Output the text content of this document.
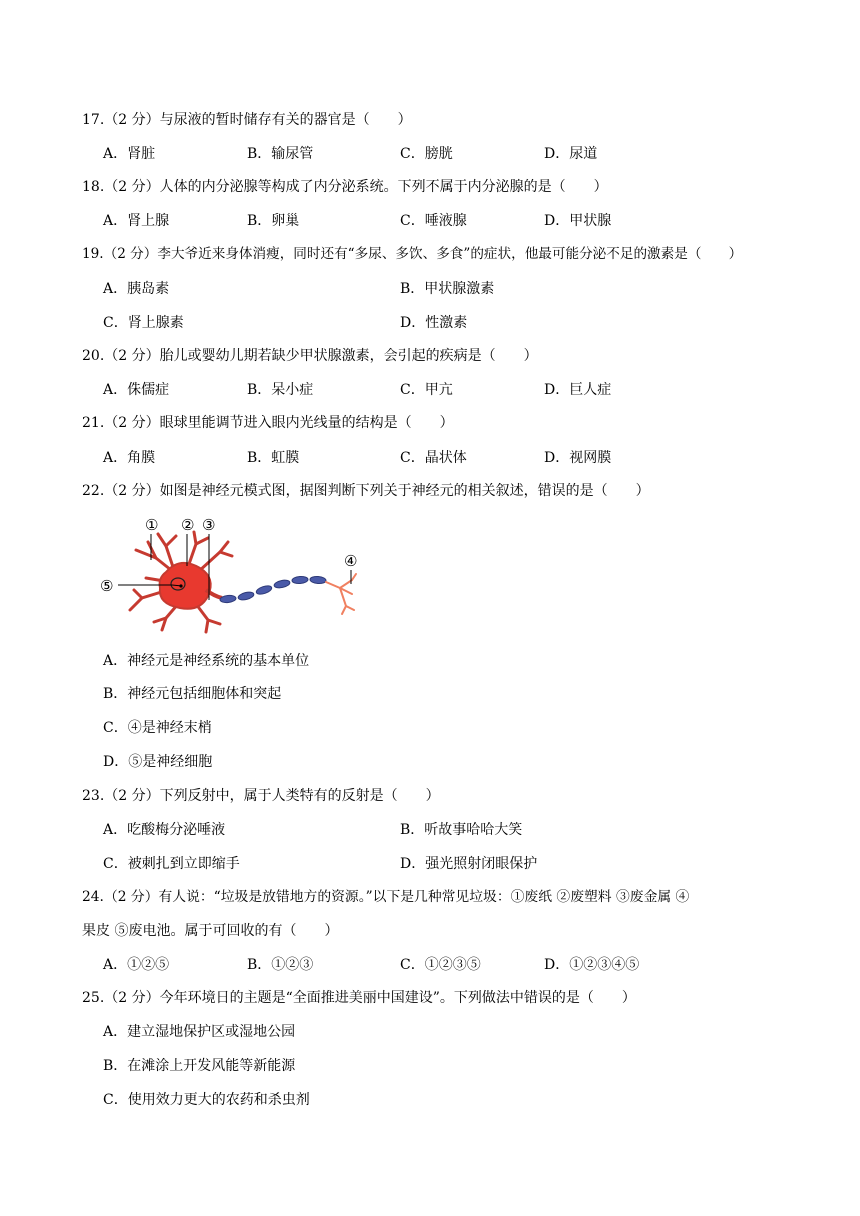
17.（2 分）与尿液的暂时储存有关的器官是（　　）
A．肾脏	B．输尿管	C．膀胱	D．尿道
18.（2 分）人体的内分泌腺等构成了内分泌系统。下列不属于内分泌腺的是（　　）
A．肾上腺	B．卵巢	C．唾液腺	D．甲状腺
19.（2 分）李大爷近来身体消瘦，同时还有“多尿、多饮、多食”的症状，他最可能分泌不足的激素是（　　）
A．胰岛素	B．甲状腺激素
C．肾上腺素	D．性激素
20.（2 分）胎儿或婴幼儿期若缺少甲状腺激素，会引起的疾病是（　　）
A．侏儒症	B．呆小症	C．甲亢	D．巨人症
21.（2 分）眼球里能调节进入眼内光线量的结构是（　　）
A．角膜	B．虹膜	C．晶状体	D．视网膜
22.（2 分）如图是神经元模式图，据图判断下列关于神经元的相关叙述，错误的是（　　）
① ② ③
④
⑤
A．神经元是神经系统的基本单位
B．神经元包括细胞体和突起
C．④是神经末梢
D．⑤是神经细胞
23.（2 分）下列反射中，属于人类特有的反射是（　　）
A．吃酸梅分泌唾液	B．听故事哈哈大笑
C．被刺扎到立即缩手	D．强光照射闭眼保护
24.（2 分）有人说：“垃圾是放错地方的资源。”以下是几种常见垃圾：①废纸 ②废塑料 ③废金属 ④
果皮 ⑤废电池。属于可回收的有（　　）
A．①②⑤	B．①②③	C．①②③⑤	D．①②③④⑤
25.（2 分）今年环境日的主题是“全面推进美丽中国建设”。下列做法中错误的是（　　）
A．建立湿地保护区或湿地公园
B．在滩涂上开发风能等新能源
C．使用效力更大的农药和杀虫剂
